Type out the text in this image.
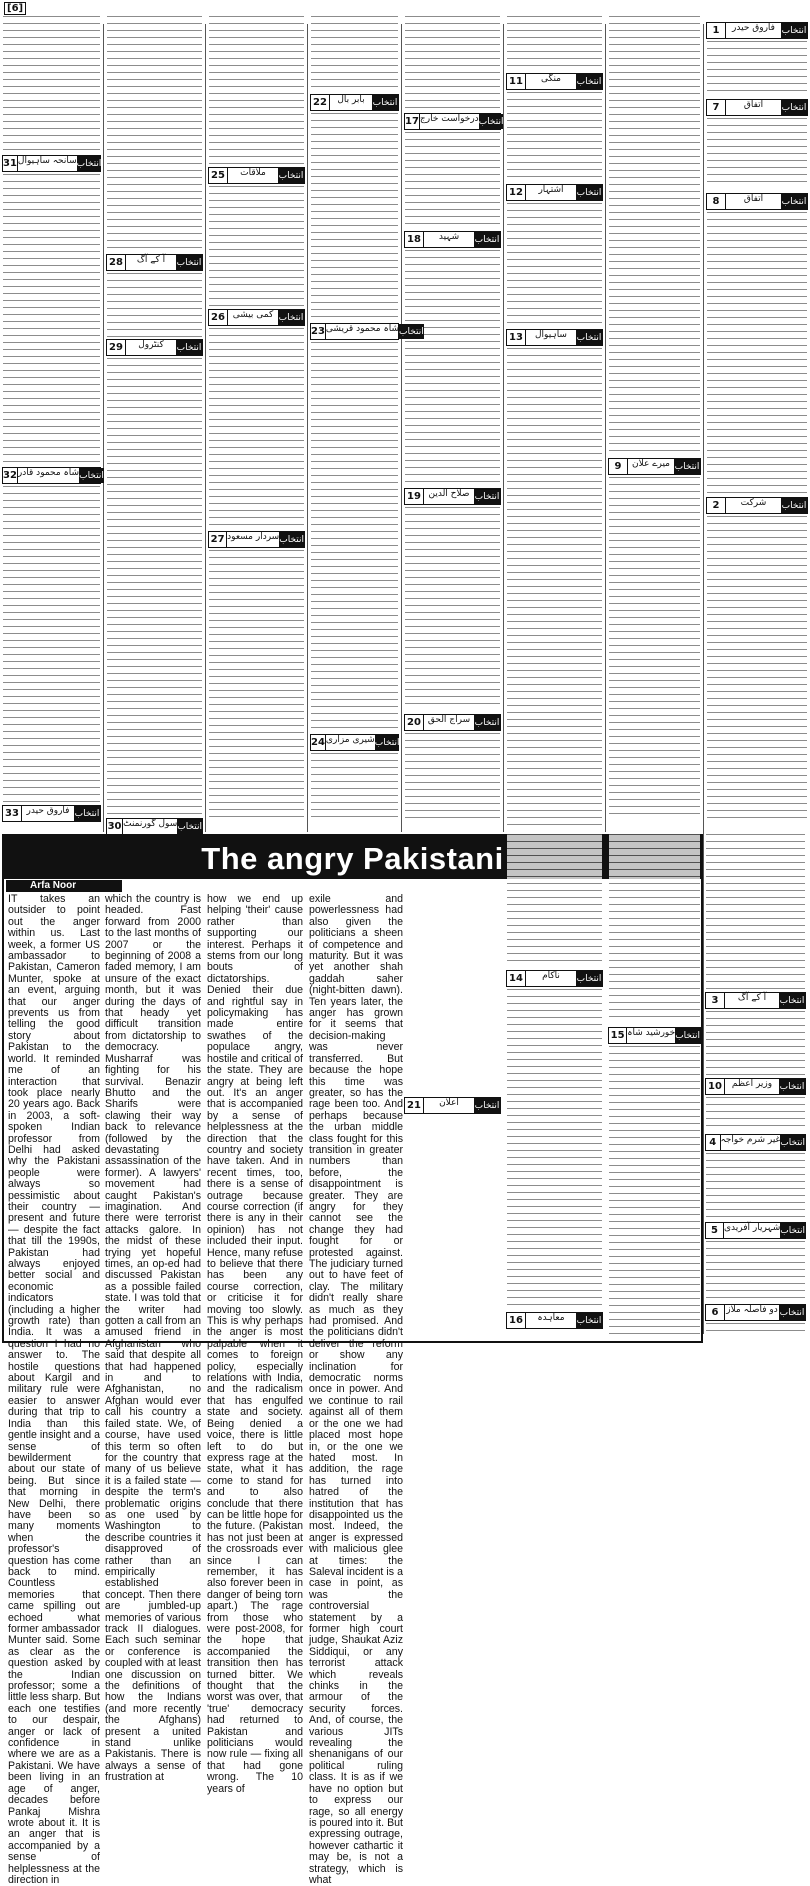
[6]
31 سانحہ ساہیوال انتخاب
32 شاہ محمود قادر انتخاب
33 فاروق حیدر انتخاب
28	آ کے آگ	انتخاب
29	کنٹرول	انتخاب
30 سول گورنمنٹ انتخاب
25	ملاقات	انتخاب
26 کمی بیشی انتخاب
27 سردار مسعود انتخاب
22	بابر بال انتخاب
23 شاہ محمود قریشی انتخاب
24 شیری مزاری انتخاب
17 درخواست خارج انتخاب
18	شہید	انتخاب
19 صلاح الدین انتخاب
20 سراج الحق انتخاب
11	منگی	انتخاب
12	اشتہار	انتخاب
13	ساہیوال	انتخاب
9	میرے علان انتخاب
1	فاروق حیدر انتخاب
7	اتفاق	انتخاب
8	اتفاق	انتخاب
2	شرکت	انتخاب
3	آ کے آگ	انتخاب
10	وزیر اعظم انتخاب
4 غیر شرم خواجہ انتخاب
5 شہریار آفریدی انتخاب
6 دو فاصلہ ملاز انتخاب
21	اعلان	انتخاب
The angry Pakistani
Arfa Noor

IT takes an outsider to point out the anger within us. Last week, a former US ambassador to Pakistan, Cameron Munter, spoke at an event, arguing that our anger prevents us from telling the good story about Pakistan to the world. It reminded me of an interaction that took place nearly 20 years ago. Back in 2003, a soft-spoken Indian professor from Delhi had asked why the Pakistani people were always so pessimistic about their country — present and future — despite the fact that till the 1990s, Pakistan had always enjoyed better social and economic indicators (including a higher growth rate) than India. It was a question I had no answer to. The hostile questions about Kargil and military rule were easier to answer during that trip to India than this gentle insight and a sense of bewilderment about our state of being. But since that morning in New Delhi, there have been so many moments when the professor's question has come back to mind. Countless memories that came spilling out echoed what former ambassador Munter said. Some as clear as the question asked by the Indian professor; some a little less sharp. But each one testifies to our despair, anger or lack of confidence in where we are as a Pakistani. We have been living in an age of anger, decades before Pankaj Mishra wrote about it. It is an anger that is accompanied by a sense of helplessness at the direction in

which the country is headed. Fast forward from 2000 to the last months of 2007 or the beginning of 2008 a faded memory, I am unsure of the exact month, but it was during the days of that heady yet difficult transition from dictatorship to democracy. Musharraf was fighting for his survival. Benazir Bhutto and the Sharifs were clawing their way back to relevance (followed by the devastating assassination of the former). A lawyers' movement had caught Pakistan's imagination. And there were terrorist attacks galore. In the midst of these trying yet hopeful times, an op-ed had discussed Pakistan as a possible failed state. I was told that the writer had gotten a call from an amused friend in Afghanistan who said that despite all that had happened in and to Afghanistan, no Afghan would ever call his country a failed state. We, of course, have used this term so often for the country that many of us believe it is a failed state — despite the term's problematic origins as one used by Washington to describe countries it disapproved of rather than an empirically established concept. Then there are jumbled-up memories of various track II dialogues. Each such seminar or conference is coupled with at least one discussion on the definitions of how the Indians (and more recently the Afghans) present a united stand unlike Pakistanis. There is always a sense of frustration at

how we end up helping 'their' cause rather than supporting our interest. Perhaps it stems from our long bouts of dictatorships. Denied their due and rightful say in policymaking has made entire swathes of the populace angry, hostile and critical of the state. They are angry at being left out. It's an anger that is accompanied by a sense of helplessness at the direction that the country and society have taken. And in recent times, too, there is a sense of outrage because course correction (if there is any in their opinion) has not included their input. Hence, many refuse to believe that there has been any course correction, or criticise it for moving too slowly. This is why perhaps the anger is most palpable when it comes to foreign policy, especially relations with India, and the radicalism that has engulfed state and society. Being denied a voice, there is little left to do but express rage at the state, what it has come to stand for and to also conclude that there can be little hope for the future. (Pakistan has not just been at the crossroads ever since I can remember, it has also forever been in danger of being torn apart.) The rage from those who were post-2008, for the hope that accompanied the transition then has turned bitter. We thought that the worst was over, that 'true' democracy had returned to Pakistan and politicians would now rule — fixing all that had gone wrong. The 10 years of

exile and powerlessness had also given the politicians a sheen of competence and maturity. But it was yet another shah gaddah saher (night-bitten dawn). Ten years later, the anger has grown for it seems that decision-making was never transferred. But because the hope this time was greater, so has the rage been too. And perhaps because the urban middle class fought for this transition in greater numbers than before, the disappointment is greater. They are angry for they cannot see the change they had fought for or protested against. The judiciary turned out to have feet of clay. The military didn't really share as much as they had promised. And the politicians didn't deliver the reform or show any inclination for democratic norms once in power. And we continue to rail against all of them or the one we had placed most hope in, or the one we hated most. In addition, the rage has turned into hatred of the institution that has disappointed us the most. Indeed, the anger is expressed with malicious glee at times: the Saleval incident is a case in point, as was the controversial statement by a former high court judge, Shaukat Aziz Siddiqui, or any terrorist attack which reveals chinks in the armour of the security forces. And, of course, the various JITs revealing the shenanigans of our political ruling class. It is as if we have no option but to express our rage, so all energy is poured into it. But expressing outrage, however cathartic it may be, is not a strategy, which is what

14	ناکام	انتخاب
16	معاہدہ	انتخاب
15 خورشید شاہ انتخاب
